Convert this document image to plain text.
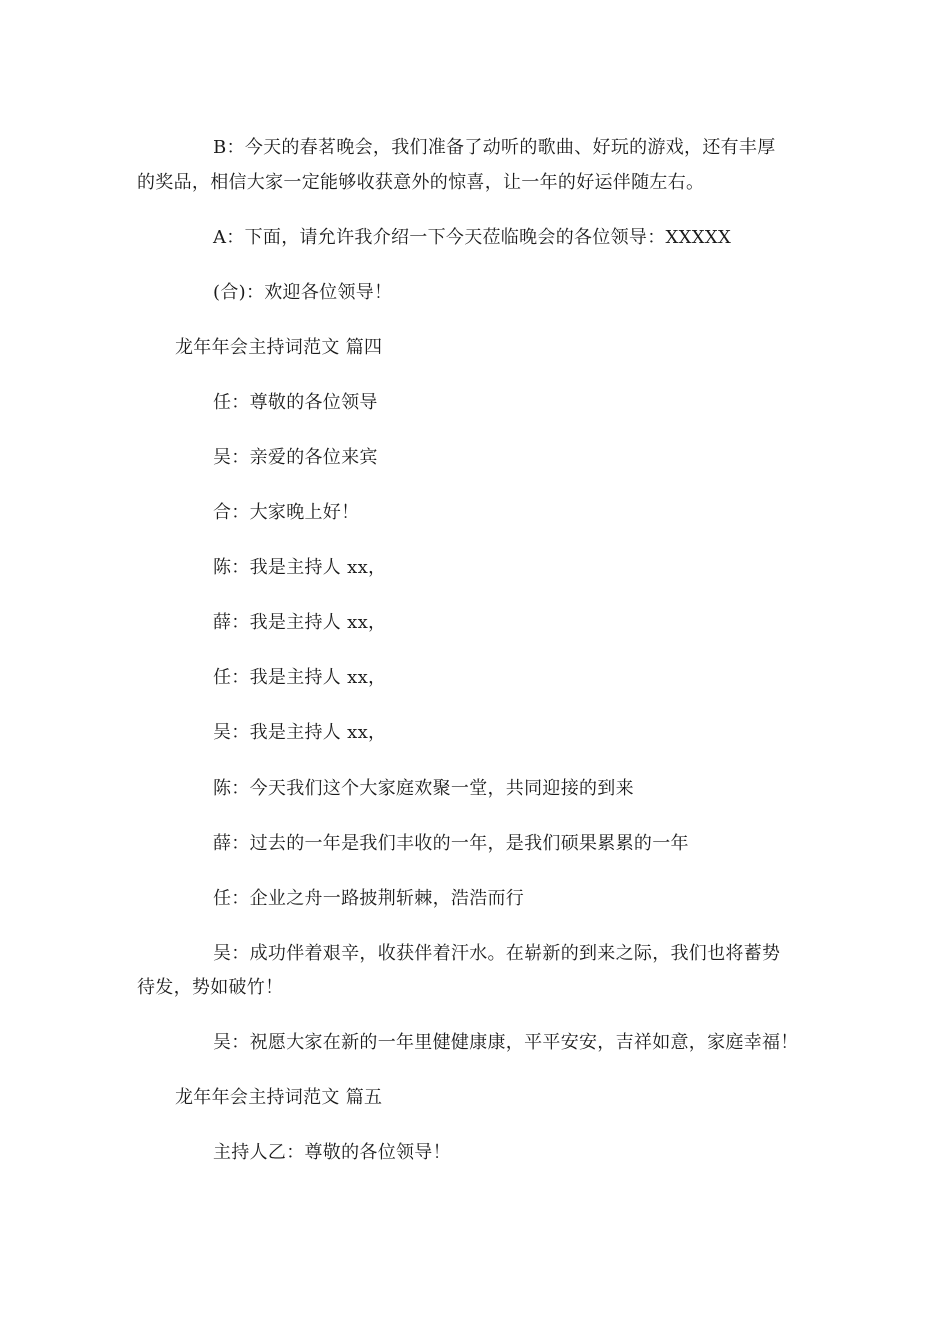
B：今天的春茗晚会，我们准备了动听的歌曲、好玩的游戏，还有丰厚
的奖品，相信大家一定能够收获意外的惊喜，让一年的好运伴随左右。
A：下面，请允许我介绍一下今天莅临晚会的各位领导：XXXXX
(合)：欢迎各位领导！
龙年年会主持词范文 篇四
任：尊敬的各位领导
吴：亲爱的各位来宾
合：大家晚上好！
陈：我是主持人 xx，
薛：我是主持人 xx，
任：我是主持人 xx，
吴：我是主持人 xx，
陈：今天我们这个大家庭欢聚一堂，共同迎接的到来
薛：过去的一年是我们丰收的一年，是我们硕果累累的一年
任：企业之舟一路披荆斩棘，浩浩而行
吴：成功伴着艰辛，收获伴着汗水。在崭新的到来之际，我们也将蓄势
待发，势如破竹！
吴：祝愿大家在新的一年里健健康康，平平安安，吉祥如意，家庭幸福！
龙年年会主持词范文 篇五
主持人乙：尊敬的各位领导！
